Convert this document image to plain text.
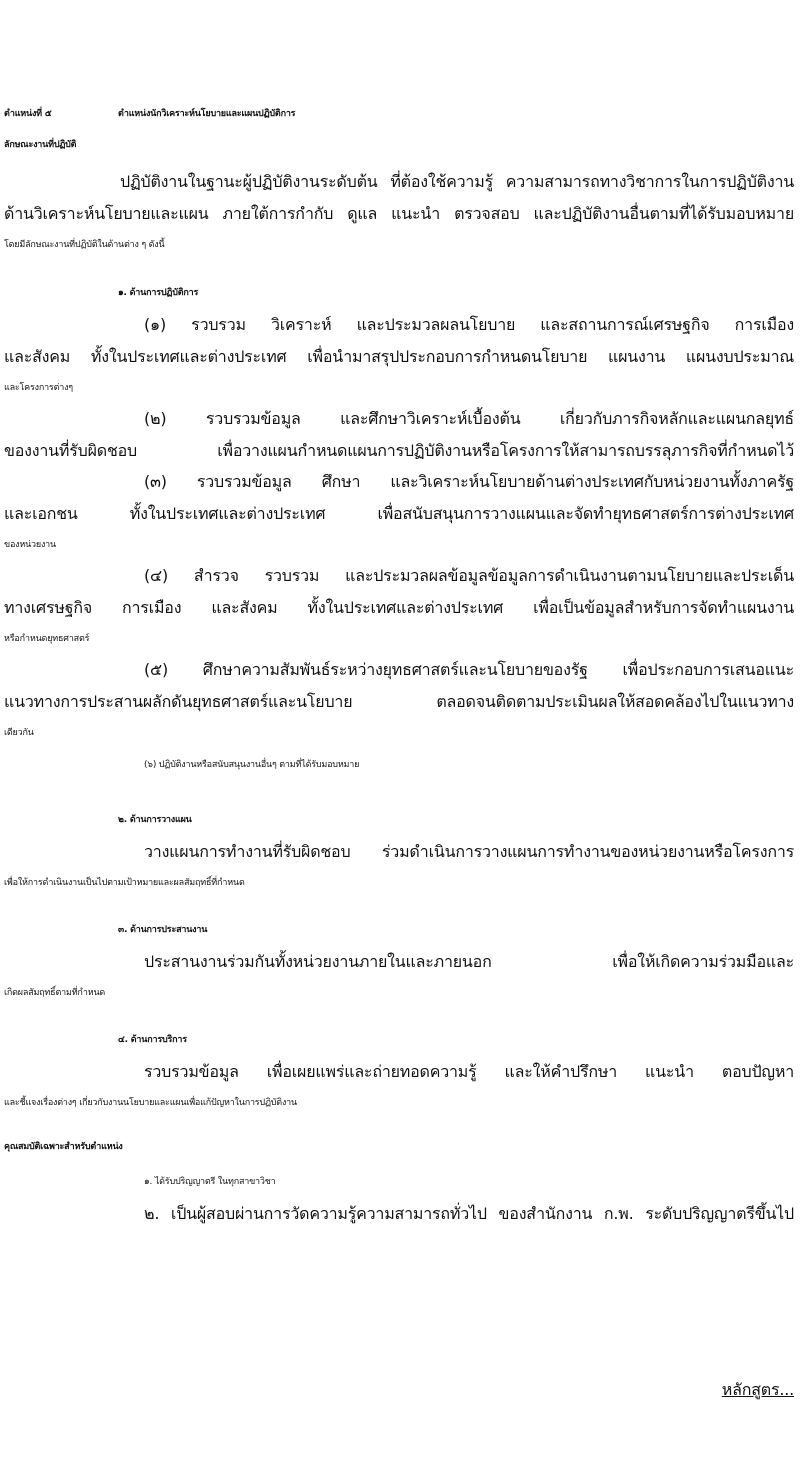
ตำแหน่งที่ ๕	ตำแหน่งนักวิเคราะห์นโยบายและแผนปฏิบัติการ
ลักษณะงานที่ปฏิบัติ
ปฏิบัติงานในฐานะผู้ปฏิบัติงานระดับต้น ที่ต้องใช้ความรู้ ความสามารถทางวิชาการในการปฏิบัติงาน
ด้านวิเคราะห์นโยบายและแผน ภายใต้การกำกับ ดูแล แนะนำ ตรวจสอบ และปฏิบัติงานอื่นตามที่ได้รับมอบหมาย
โดยมีลักษณะงานที่ปฏิบัติในด้านต่าง ๆ ดังนี้
๑. ด้านการปฏิบัติการ
(๑) รวบรวม วิเคราะห์ และประมวลผลนโยบาย และสถานการณ์เศรษฐกิจ การเมือง
และสังคม ทั้งในประเทศและต่างประเทศ เพื่อนำมาสรุปประกอบการกำหนดนโยบาย แผนงาน แผนงบประมาณ
และโครงการต่างๆ
(๒) รวบรวมข้อมูล และศึกษาวิเคราะห์เบื้องต้น เกี่ยวกับภารกิจหลักและแผนกลยุทธ์
ของงานที่รับผิดชอบ เพื่อวางแผนกำหนดแผนการปฏิบัติงานหรือโครงการให้สามารถบรรลุภารกิจที่กำหนดไว้
(๓) รวบรวมข้อมูล ศึกษา และวิเคราะห์นโยบายด้านต่างประเทศกับหน่วยงานทั้งภาครัฐ
และเอกชน ทั้งในประเทศและต่างประเทศ เพื่อสนับสนุนการวางแผนและจัดทำยุทธศาสตร์การต่างประเทศ
ของหน่วยงาน
(๔) สำรวจ รวบรวม และประมวลผลข้อมูลข้อมูลการดำเนินงานตามนโยบายและประเด็น
ทางเศรษฐกิจ การเมือง และสังคม ทั้งในประเทศและต่างประเทศ เพื่อเป็นข้อมูลสำหรับการจัดทำแผนงาน
หรือกำหนดยุทธศาสตร์
(๕) ศึกษาความสัมพันธ์ระหว่างยุทธศาสตร์และนโยบายของรัฐ เพื่อประกอบการเสนอแนะ
แนวทางการประสานผลักดันยุทธศาสตร์และนโยบาย ตลอดจนติดตามประเมินผลให้สอดคล้องไปในแนวทาง
เดียวกัน
(๖) ปฏิบัติงานหรือสนับสนุนงานอื่นๆ ตามที่ได้รับมอบหมาย
๒. ด้านการวางแผน
วางแผนการทำงานที่รับผิดชอบ ร่วมดำเนินการวางแผนการทำงานของหน่วยงานหรือโครงการ
เพื่อให้การดำเนินงานเป็นไปตามเป้าหมายและผลสัมฤทธิ์ที่กำหนด
๓. ด้านการประสานงาน
ประสานงานร่วมกันทั้งหน่วยงานภายในและภายนอก เพื่อให้เกิดความร่วมมือและ
เกิดผลสัมฤทธิ์ตามที่กำหนด
๔. ด้านการบริการ
รวบรวมข้อมูล เพื่อเผยแพร่และถ่ายทอดความรู้ และให้คำปรึกษา แนะนำ ตอบปัญหา
และชี้แจงเรื่องต่างๆ เกี่ยวกับงานนโยบายและแผนเพื่อแก้ปัญหาในการปฏิบัติงาน
คุณสมบัติเฉพาะสำหรับตำแหน่ง
๑. ได้รับปริญญาตรี ในทุกสาขาวิชา
๒. เป็นผู้สอบผ่านการวัดความรู้ความสามารถทั่วไป ของสำนักงาน ก.พ. ระดับปริญญาตรีขึ้นไป
หลักสูตร...
